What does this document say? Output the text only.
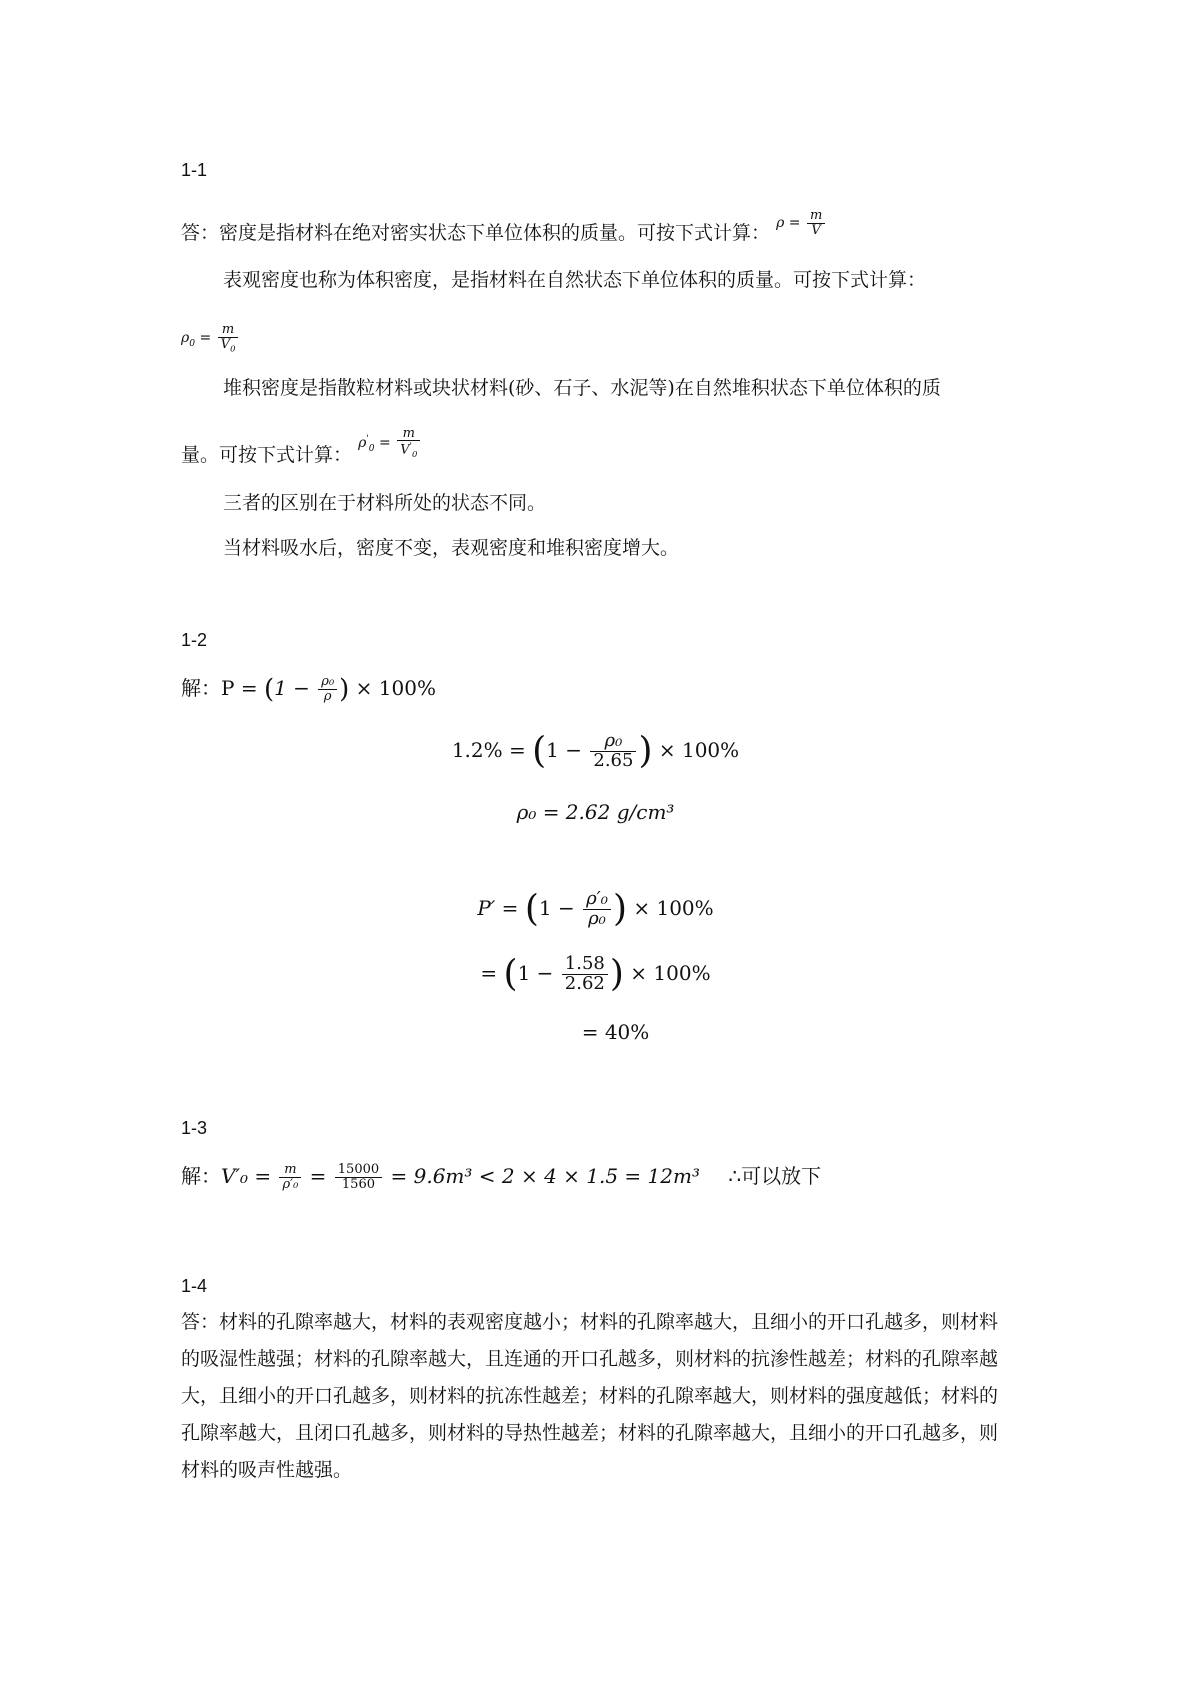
1-1
答：密度是指材料在绝对密实状态下单位体积的质量。可按下式计算： $^{\rho = \frac{m}{V}}$
表观密度也称为体积密度，是指材料在自然状态下单位体积的质量。可按下式计算：
$\rho_0 = \frac{m}{V_0}$
堆积密度是指散粒材料或块状材料(砂、石子、水泥等)在自然堆积状态下单位体积的质
量。可按下式计算： $^{\rho'_0 = \frac{m}{V'_0}}$
三者的区别在于材料所处的状态不同。
当材料吸水后，密度不变，表观密度和堆积密度增大。
1-2
解：$P = (1 - \frac{\text{ρ₀}}{\rho}$ ) × 100%
$1.2\% = (1 - \frac{\text{ρ₀}}{2.65}$ ) × 100%
ρ₀ = 2.62 g/cm³
$P' = (1 - \frac{\text{ρ′₀}}{\text{ρ₀}}$ ) × 100%
= ($1 - \frac{1.58}{2.62}$ ) × 100%
= 40%
1-3
解：$V'_0 = \frac{m}{\text{ρ′₀}} = \frac{15000}{1560} = 9.6m^3 < 2 \times 4 \times 1.5 = 12m^3$ ∴可以放下
1-4
答：材料的孔隙率越大，材料的表观密度越小；材料的孔隙率越大，且细小的开口孔越多，则材料的吸湿性越强；材料的孔隙率越大，且连通的开口孔越多，则材料的抗渗性越差；材料的孔隙率越大，且细小的开口孔越多，则材料的抗冻性越差；材料的孔隙率越大，则材料的强度越低；材料的孔隙率越大，且闭口孔越多，则材料的导热性越差；材料的孔隙率越大，且细小的开口孔越多，则材料的吸声性越强。
